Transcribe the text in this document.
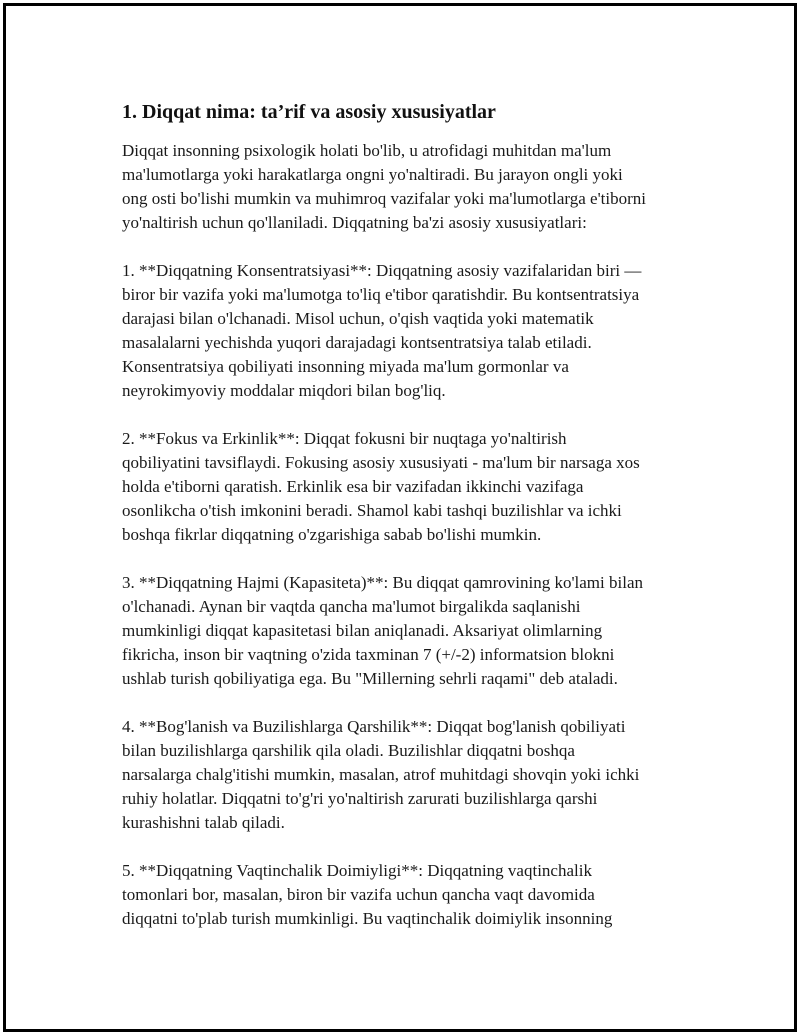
1. Diqqat nima: ta’rif va asosiy xususiyatlar

Diqqat insonning psixologik holati bo'lib, u atrofidagi muhitdan ma'lum
ma'lumotlarga yoki harakatlarga ongni yo'naltiradi. Bu jarayon ongli yoki
ong osti bo'lishi mumkin va muhimroq vazifalar yoki ma'lumotlarga e'tiborni
yo'naltirish uchun qo'llaniladi. Diqqatning ba'zi asosiy xususiyatlari:

1. **Diqqatning Konsentratsiyasi**: Diqqatning asosiy vazifalaridan biri —
biror bir vazifa yoki ma'lumotga to'liq e'tibor qaratishdir. Bu kontsentratsiya
darajasi bilan o'lchanadi. Misol uchun, o'qish vaqtida yoki matematik
masalalarni yechishda yuqori darajadagi kontsentratsiya talab etiladi.
Konsentratsiya qobiliyati insonning miyada ma'lum gormonlar va
neyrokimyoviy moddalar miqdori bilan bog'liq.

2. **Fokus va Erkinlik**: Diqqat fokusni bir nuqtaga yo'naltirish
qobiliyatini tavsiflaydi. Fokusing asosiy xususiyati - ma'lum bir narsaga xos
holda e'tiborni qaratish. Erkinlik esa bir vazifadan ikkinchi vazifaga
osonlikcha o'tish imkonini beradi. Shamol kabi tashqi buzilishlar va ichki
boshqa fikrlar diqqatning o'zgarishiga sabab bo'lishi mumkin.

3. **Diqqatning Hajmi (Kapasiteta)**: Bu diqqat qamrovining ko'lami bilan
o'lchanadi. Aynan bir vaqtda qancha ma'lumot birgalikda saqlanishi
mumkinligi diqqat kapasitetasi bilan aniqlanadi. Aksariyat olimlarning
fikricha, inson bir vaqtning o'zida taxminan 7 (+/-2) informatsion blokni
ushlab turish qobiliyatiga ega. Bu "Millerning sehrli raqami" deb ataladi.

4. **Bog'lanish va Buzilishlarga Qarshilik**: Diqqat bog'lanish qobiliyati
bilan buzilishlarga qarshilik qila oladi. Buzilishlar diqqatni boshqa
narsalarga chalg'itishi mumkin, masalan, atrof muhitdagi shovqin yoki ichki
ruhiy holatlar. Diqqatni to'g'ri yo'naltirish zarurati buzilishlarga qarshi
kurashishni talab qiladi.

5. **Diqqatning Vaqtinchalik Doimiyligi**: Diqqatning vaqtinchalik
tomonlari bor, masalan, biron bir vazifa uchun qancha vaqt davomida
diqqatni to'plab turish mumkinligi. Bu vaqtinchalik doimiylik insonning
